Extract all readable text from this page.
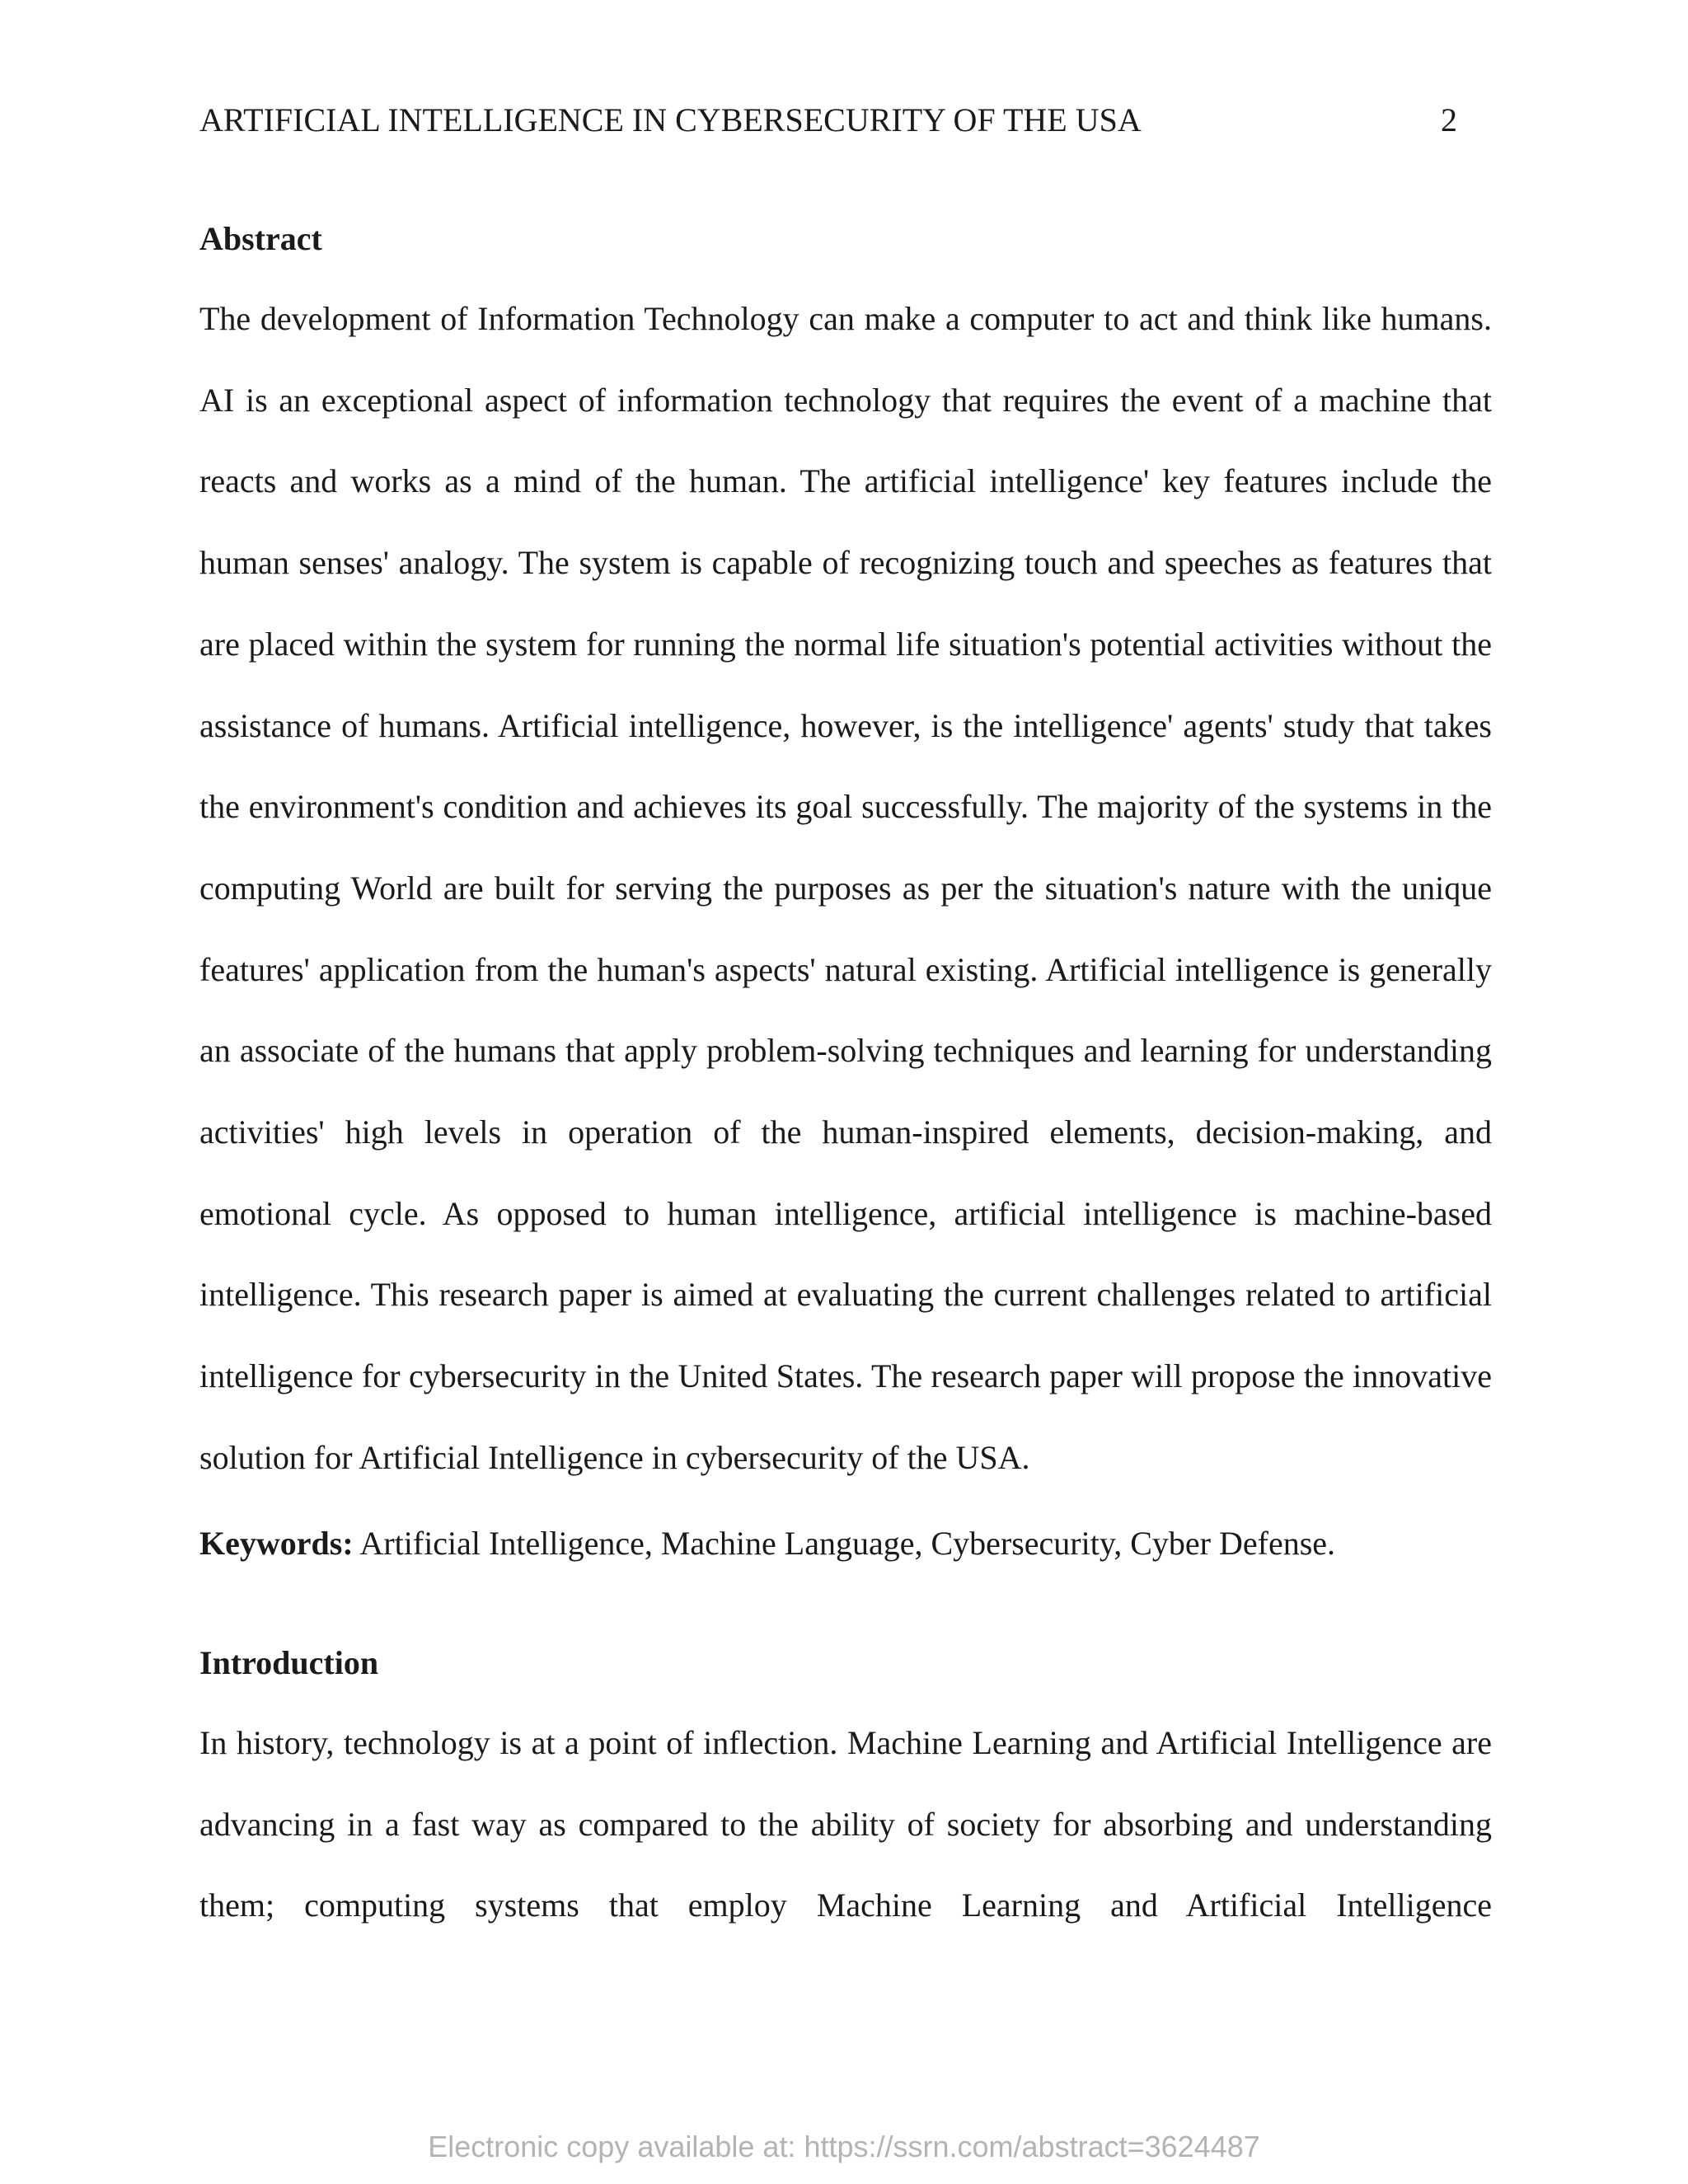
ARTIFICIAL INTELLIGENCE IN CYBERSECURITY OF THE USA	2
Abstract

The development of Information Technology can make a computer to act and think like humans. AI is an exceptional aspect of information technology that requires the event of a machine that reacts and works as a mind of the human. The artificial intelligence' key features include the human senses' analogy. The system is capable of recognizing touch and speeches as features that are placed within the system for running the normal life situation's potential activities without the assistance of humans. Artificial intelligence, however, is the intelligence' agents' study that takes the environment's condition and achieves its goal successfully. The majority of the systems in the computing World are built for serving the purposes as per the situation's nature with the unique features' application from the human's aspects' natural existing. Artificial intelligence is generally an associate of the humans that apply problem-solving techniques and learning for understanding activities' high levels in operation of the human-inspired elements, decision-making, and emotional cycle. As opposed to human intelligence, artificial intelligence is machine-based intelligence. This research paper is aimed at evaluating the current challenges related to artificial intelligence for cybersecurity in the United States. The research paper will propose the innovative solution for Artificial Intelligence in cybersecurity of the USA.

Keywords: Artificial Intelligence, Machine Language, Cybersecurity, Cyber Defense.
Introduction

In history, technology is at a point of inflection. Machine Learning and Artificial Intelligence are advancing in a fast way as compared to the ability of society for absorbing and understanding them; computing systems that employ Machine Learning and Artificial Intelligence

Electronic copy available at: https://ssrn.com/abstract=3624487
